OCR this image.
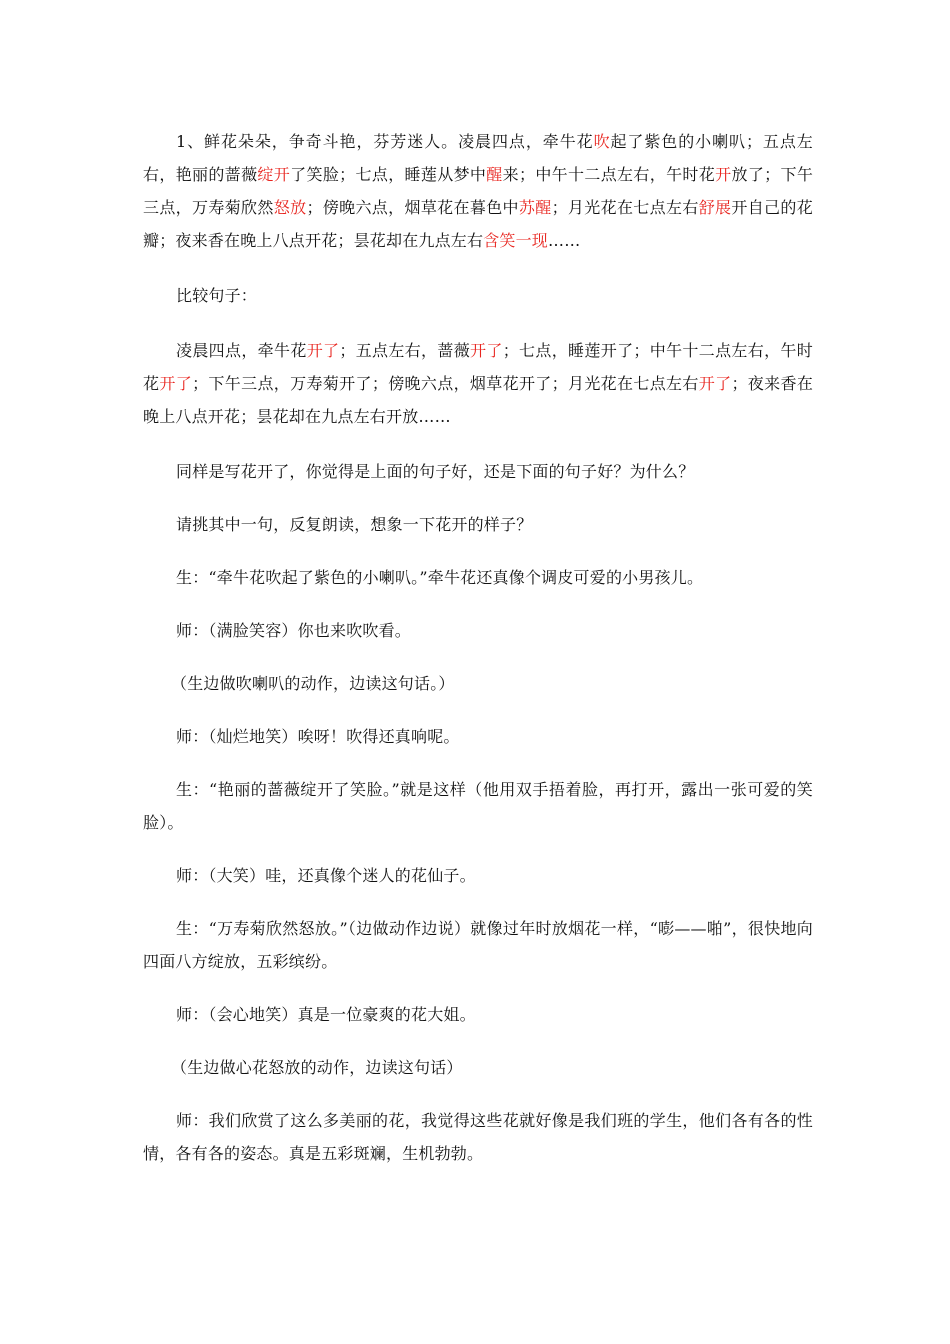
1、鲜花朵朵，争奇斗艳，芬芳迷人。凌晨四点，牵牛花吹起了紫色的小喇叭；五点左右，艳丽的蔷薇绽开了笑脸；七点，睡莲从梦中醒来；中午十二点左右，午时花开放了；下午三点，万寿菊欣然怒放；傍晚六点，烟草花在暮色中苏醒；月光花在七点左右舒展开自己的花瓣；夜来香在晚上八点开花；昙花却在九点左右含笑一现……

比较句子：

凌晨四点，牵牛花开了；五点左右，蔷薇开了；七点，睡莲开了；中午十二点左右，午时花开了；下午三点，万寿菊开了；傍晚六点，烟草花开了；月光花在七点左右开了；夜来香在晚上八点开花；昙花却在九点左右开放……

同样是写花开了，你觉得是上面的句子好，还是下面的句子好？为什么？

请挑其中一句，反复朗读，想象一下花开的样子？

生：“牵牛花吹起了紫色的小喇叭。”牵牛花还真像个调皮可爱的小男孩儿。

师：（满脸笑容）你也来吹吹看。

（生边做吹喇叭的动作，边读这句话。）

师：（灿烂地笑）唉呀！吹得还真响呢。

生：“艳丽的蔷薇绽开了笑脸。”就是这样（他用双手捂着脸，再打开，露出一张可爱的笑脸）。

师：（大笑）哇，还真像个迷人的花仙子。

生：“万寿菊欣然怒放。”（边做动作边说）就像过年时放烟花一样，“嘭——啪”，很快地向四面八方绽放，五彩缤纷。

师：（会心地笑）真是一位豪爽的花大姐。

（生边做心花怒放的动作，边读这句话）

师：我们欣赏了这么多美丽的花，我觉得这些花就好像是我们班的学生，他们各有各的性情，各有各的姿态。真是五彩斑斓，生机勃勃。
